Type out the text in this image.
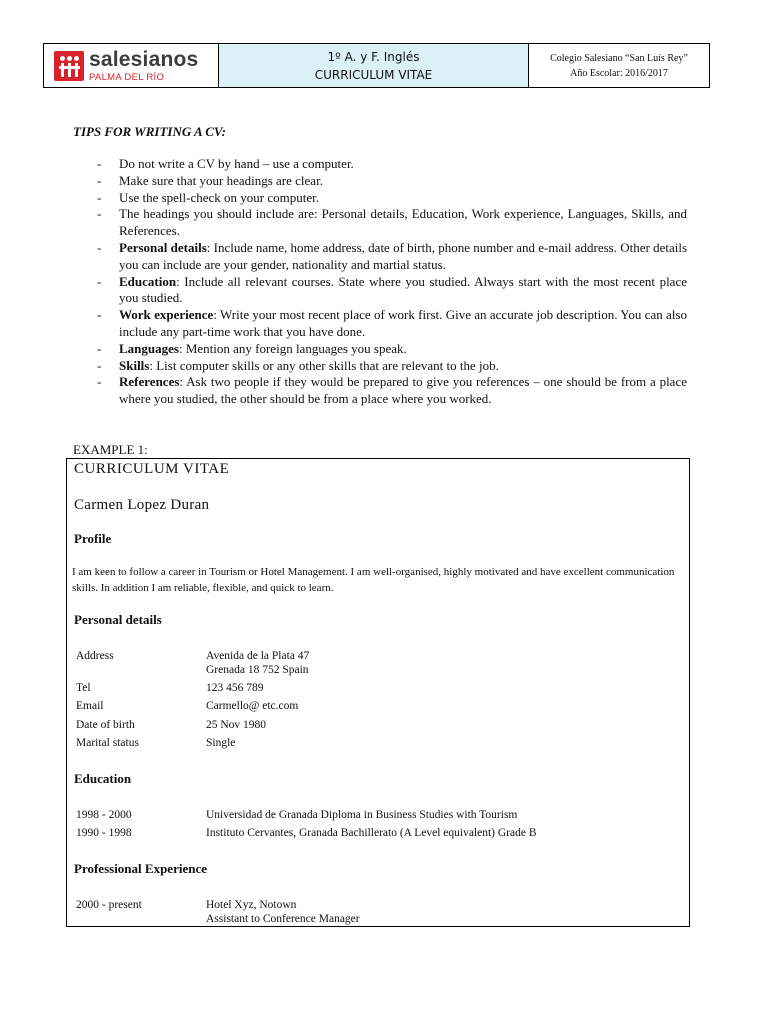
salesianos
PALMA DEL RÍO
1º A. y F. Inglés
CURRICULUM VITAE
Colegio Salesiano “San Luís Rey”
Año Escolar: 2016/2017
TIPS FOR WRITING A CV:
- Do not write a CV by hand – use a computer.
- Make sure that your headings are clear.
- Use the spell-check on your computer.
- The headings you should include are: Personal details, Education, Work experience, Languages, Skills, and References.
- Personal details: Include name, home address, date of birth, phone number and e-mail address. Other details you can include are your gender, nationality and martial status.
- Education: Include all relevant courses. State where you studied. Always start with the most recent place you studied.
- Work experience: Write your most recent place of work first. Give an accurate job description. You can also include any part-time work that you have done.
- Languages: Mention any foreign languages you speak.
- Skills: List computer skills or any other skills that are relevant to the job.
- References: Ask two people if they would be prepared to give you references – one should be from a place where you studied, the other should be from a place where you worked.
EXAMPLE 1:
CURRICULUM VITAE
Carmen Lopez Duran
Profile
I am keen to follow a career in Tourism or Hotel Management. I am well-organised, highly motivated and have excellent communication skills. In addition I am reliable, flexible, and quick to learn.
Personal details
Address	Avenida de la Plata 47
Grenada 18 752 Spain
Tel	123 456 789
Email	Carmello@ etc.com
Date of birth	25 Nov 1980
Marital status	Single
Education
1998 - 2000	Universidad de Granada Diploma in Business Studies with Tourism
1990 - 1998	Instituto Cervantes, Granada Bachillerato (A Level equivalent) Grade B
Professional Experience
2000 - present	Hotel Xyz, Notown
Assistant to Conference Manager
